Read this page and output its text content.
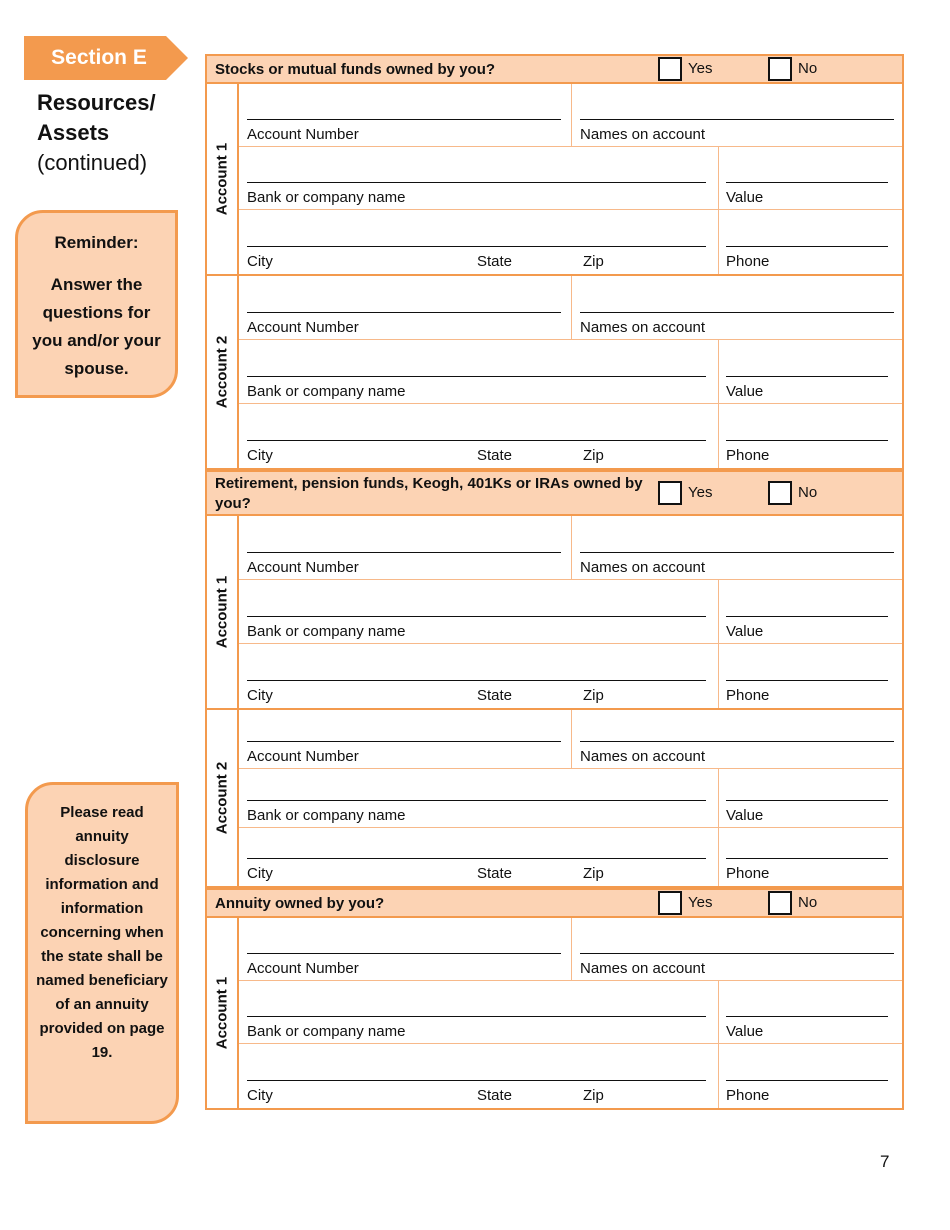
Section E
Resources/
Assets
(continued)
Reminder:
Answer the questions for you and/or your spouse.
Please read annuity disclosure information and information concerning when the state shall be named beneficiary of an annuity provided on page 19.
Stocks or mutual funds owned by you?	Yes	No
Account 1
Account Number	Names on account
Bank or company name	Value
City	State	Zip	Phone
Account 2
Account Number	Names on account
Bank or company name	Value
City	State	Zip	Phone
Retirement, pension funds, Keogh, 401Ks or IRAs owned by you?
Yes	No
Account 1
Account Number	Names on account
Bank or company name	Value
City	State	Zip	Phone
Account 2
Account Number	Names on account
Bank or company name	Value
City	State	Zip	Phone
Annuity owned by you?	Yes	No
Account 1
Account Number	Names on account
Bank or company name	Value
City	State	Zip	Phone
7
